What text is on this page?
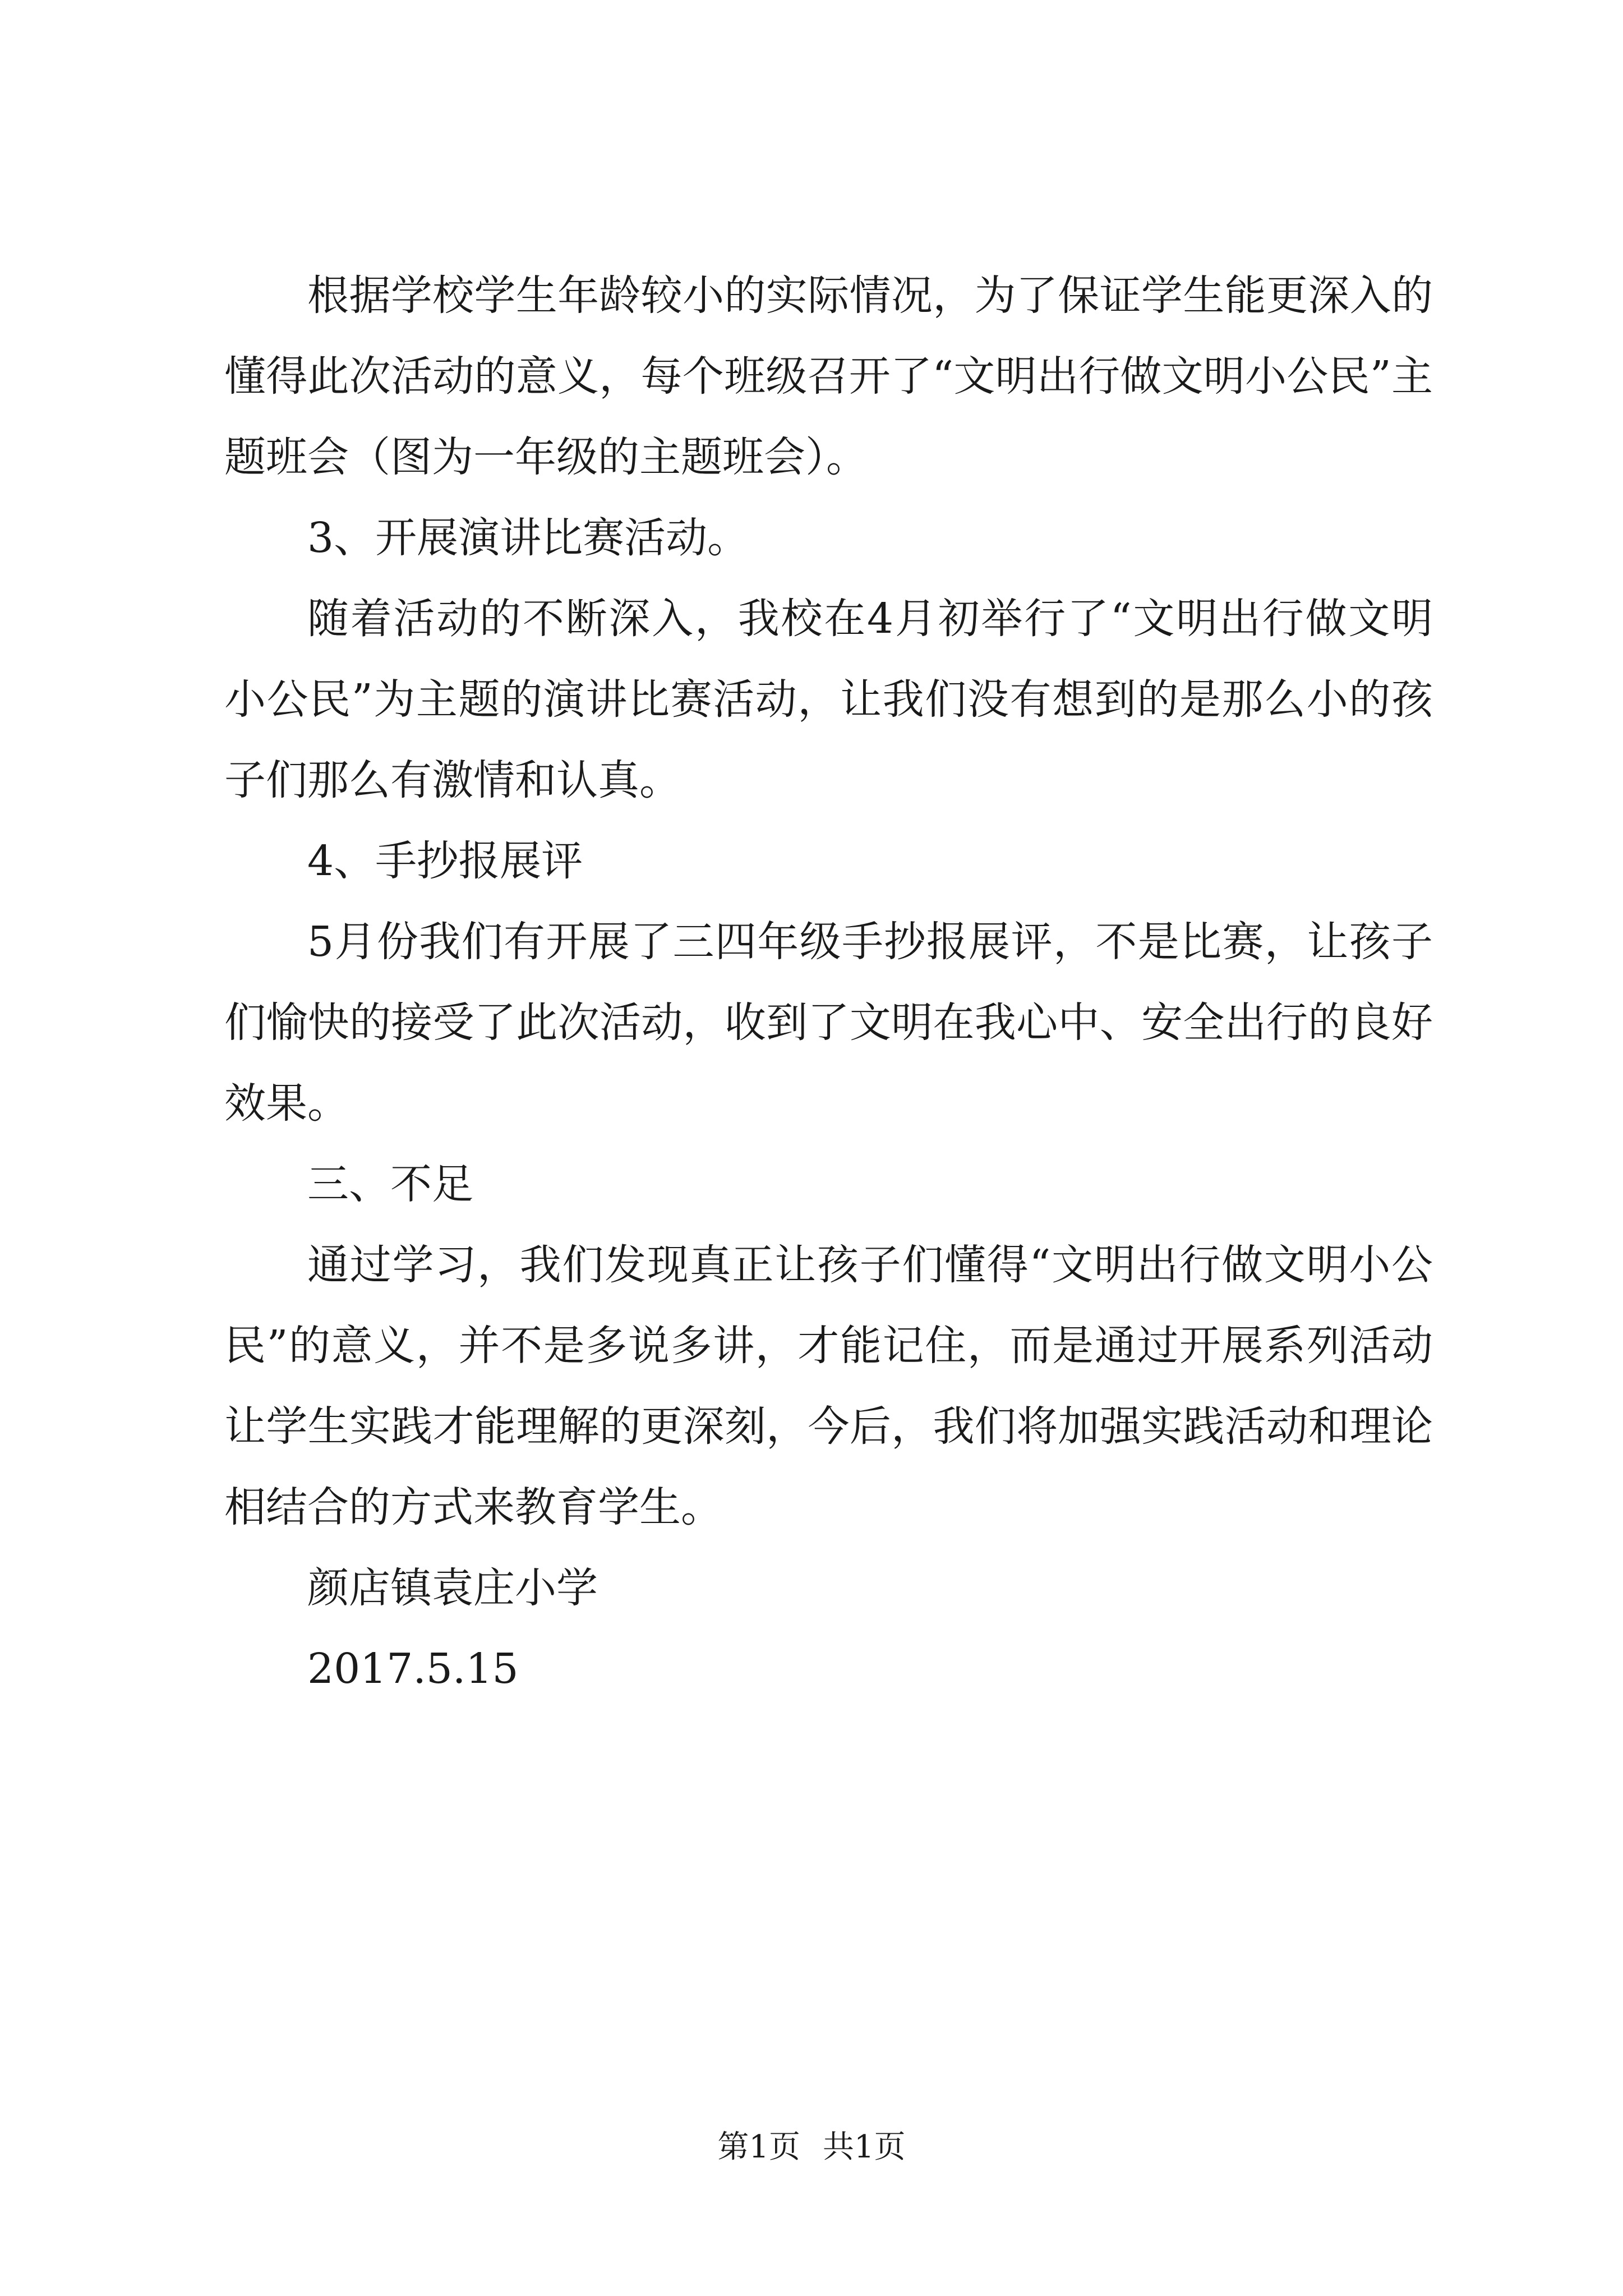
根据学校学生年龄较小的实际情况，为了保证学生能更深入的懂得此次活动的意义，每个班级召开了“文明出行做文明小公民”主题班会（图为一年级的主题班会）。

3、开展演讲比赛活动。

随着活动的不断深入，我校在4月初举行了“文明出行做文明小公民”为主题的演讲比赛活动，让我们没有想到的是那么小的孩子们那么有激情和认真。

4、手抄报展评

5月份我们有开展了三四年级手抄报展评，不是比赛，让孩子们愉快的接受了此次活动，收到了文明在我心中、安全出行的良好效果。

三、不足

通过学习，我们发现真正让孩子们懂得“文明出行做文明小公民”的意义，并不是多说多讲，才能记住，而是通过开展系列活动让学生实践才能理解的更深刻，今后，我们将加强实践活动和理论相结合的方式来教育学生。

颜店镇袁庄小学

2017.5.15

第1页 共1页
